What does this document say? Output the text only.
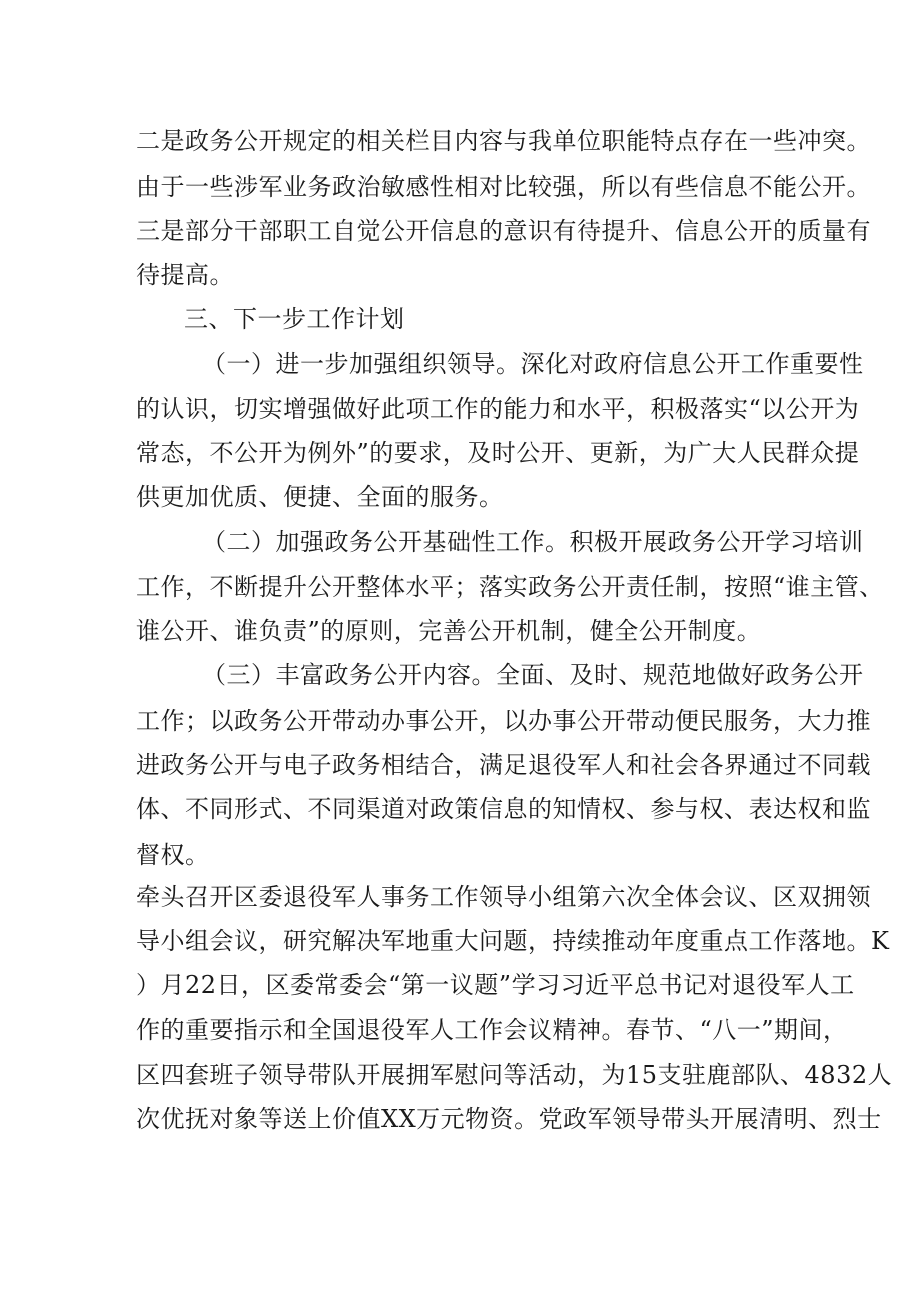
二是政务公开规定的相关栏目内容与我单位职能特点存在一些冲突。
由于一些涉军业务政治敏感性相对比较强，所以有些信息不能公开。
三是部分干部职工自觉公开信息的意识有待提升、信息公开的质量有
待提高。
三、下一步工作计划
（一）进一步加强组织领导。深化对政府信息公开工作重要性
的认识，切实增强做好此项工作的能力和水平，积极落实“以公开为
常态，不公开为例外”的要求，及时公开、更新，为广大人民群众提
供更加优质、便捷、全面的服务。
（二）加强政务公开基础性工作。积极开展政务公开学习培训
工作，不断提升公开整体水平；落实政务公开责任制，按照“谁主管、
谁公开、谁负责”的原则，完善公开机制，健全公开制度。
（三）丰富政务公开内容。全面、及时、规范地做好政务公开
工作；以政务公开带动办事公开，以办事公开带动便民服务，大力推
进政务公开与电子政务相结合，满足退役军人和社会各界通过不同载
体、不同形式、不同渠道对政策信息的知情权、参与权、表达权和监
督权。
牵头召开区委退役军人事务工作领导小组第六次全体会议、区双拥领
导小组会议，研究解决军地重大问题，持续推动年度重点工作落地。K
）月22日，区委常委会“第一议题”学习习近平总书记对退役军人工
作的重要指示和全国退役军人工作会议精神。春节、“八一”期间，
区四套班子领导带队开展拥军慰问等活动，为15支驻鹿部队、4832人
次优抚对象等送上价值XX万元物资。党政军领导带头开展清明、烈士
